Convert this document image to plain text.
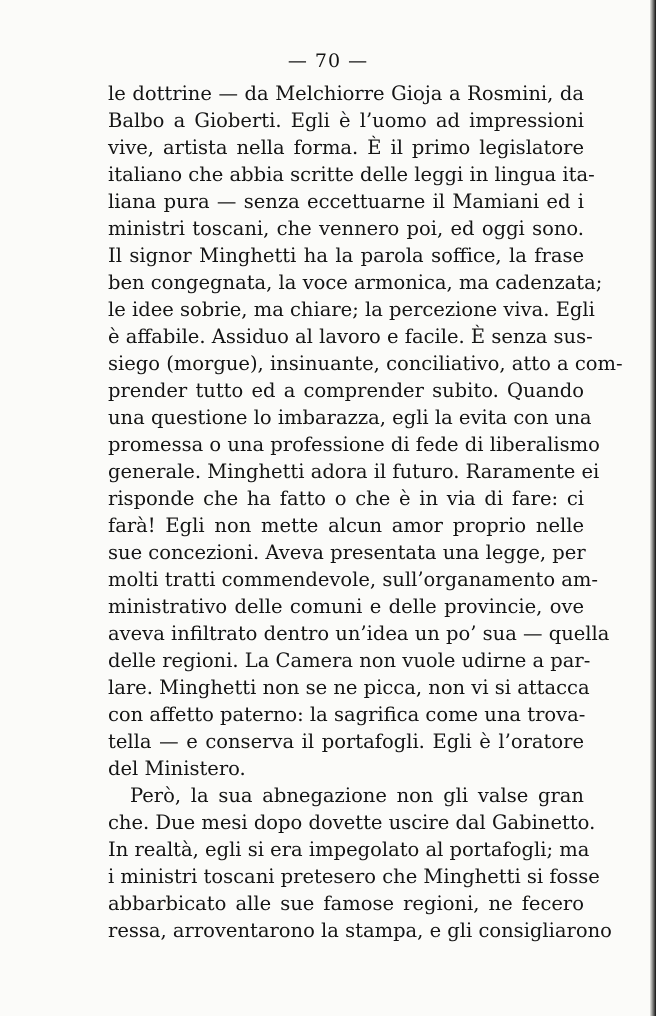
— 70 —
le dottrine — da Melchiorre Gioja a Rosmini, da
Balbo a Gioberti. Egli è l’uomo ad impressioni
vive, artista nella forma. È il primo legislatore
italiano che abbia scritte delle leggi in lingua ita-
liana pura — senza eccettuarne il Mamiani ed i
ministri toscani, che vennero poi, ed oggi sono.
Il signor Minghetti ha la parola soffice, la frase
ben congegnata, la voce armonica, ma cadenzata;
le idee sobrie, ma chiare; la percezione viva. Egli
è affabile. Assiduo al lavoro e facile. È senza sus-
siego (morgue), insinuante, conciliativo, atto a com-
prender tutto ed a comprender subito. Quando
una questione lo imbarazza, egli la evita con una
promessa o una professione di fede di liberalismo
generale. Minghetti adora il futuro. Raramente ei
risponde che ha fatto o che è in via di fare: ci
farà! Egli non mette alcun amor proprio nelle
sue concezioni. Aveva presentata una legge, per
molti tratti commendevole, sull’organamento am-
ministrativo delle comuni e delle provincie, ove
aveva infiltrato dentro un’idea un po’ sua — quella
delle regioni. La Camera non vuole udirne a par-
lare. Minghetti non se ne picca, non vi si attacca
con affetto paterno: la sagrifica come una trova-
tella — e conserva il portafogli. Egli è l’oratore
del Ministero.
Però, la sua abnegazione non gli valse gran
che. Due mesi dopo dovette uscire dal Gabinetto.
In realtà, egli si era impegolato al portafogli; ma
i ministri toscani pretesero che Minghetti si fosse
abbarbicato alle sue famose regioni, ne fecero
ressa, arroventarono la stampa, e gli consigliarono
